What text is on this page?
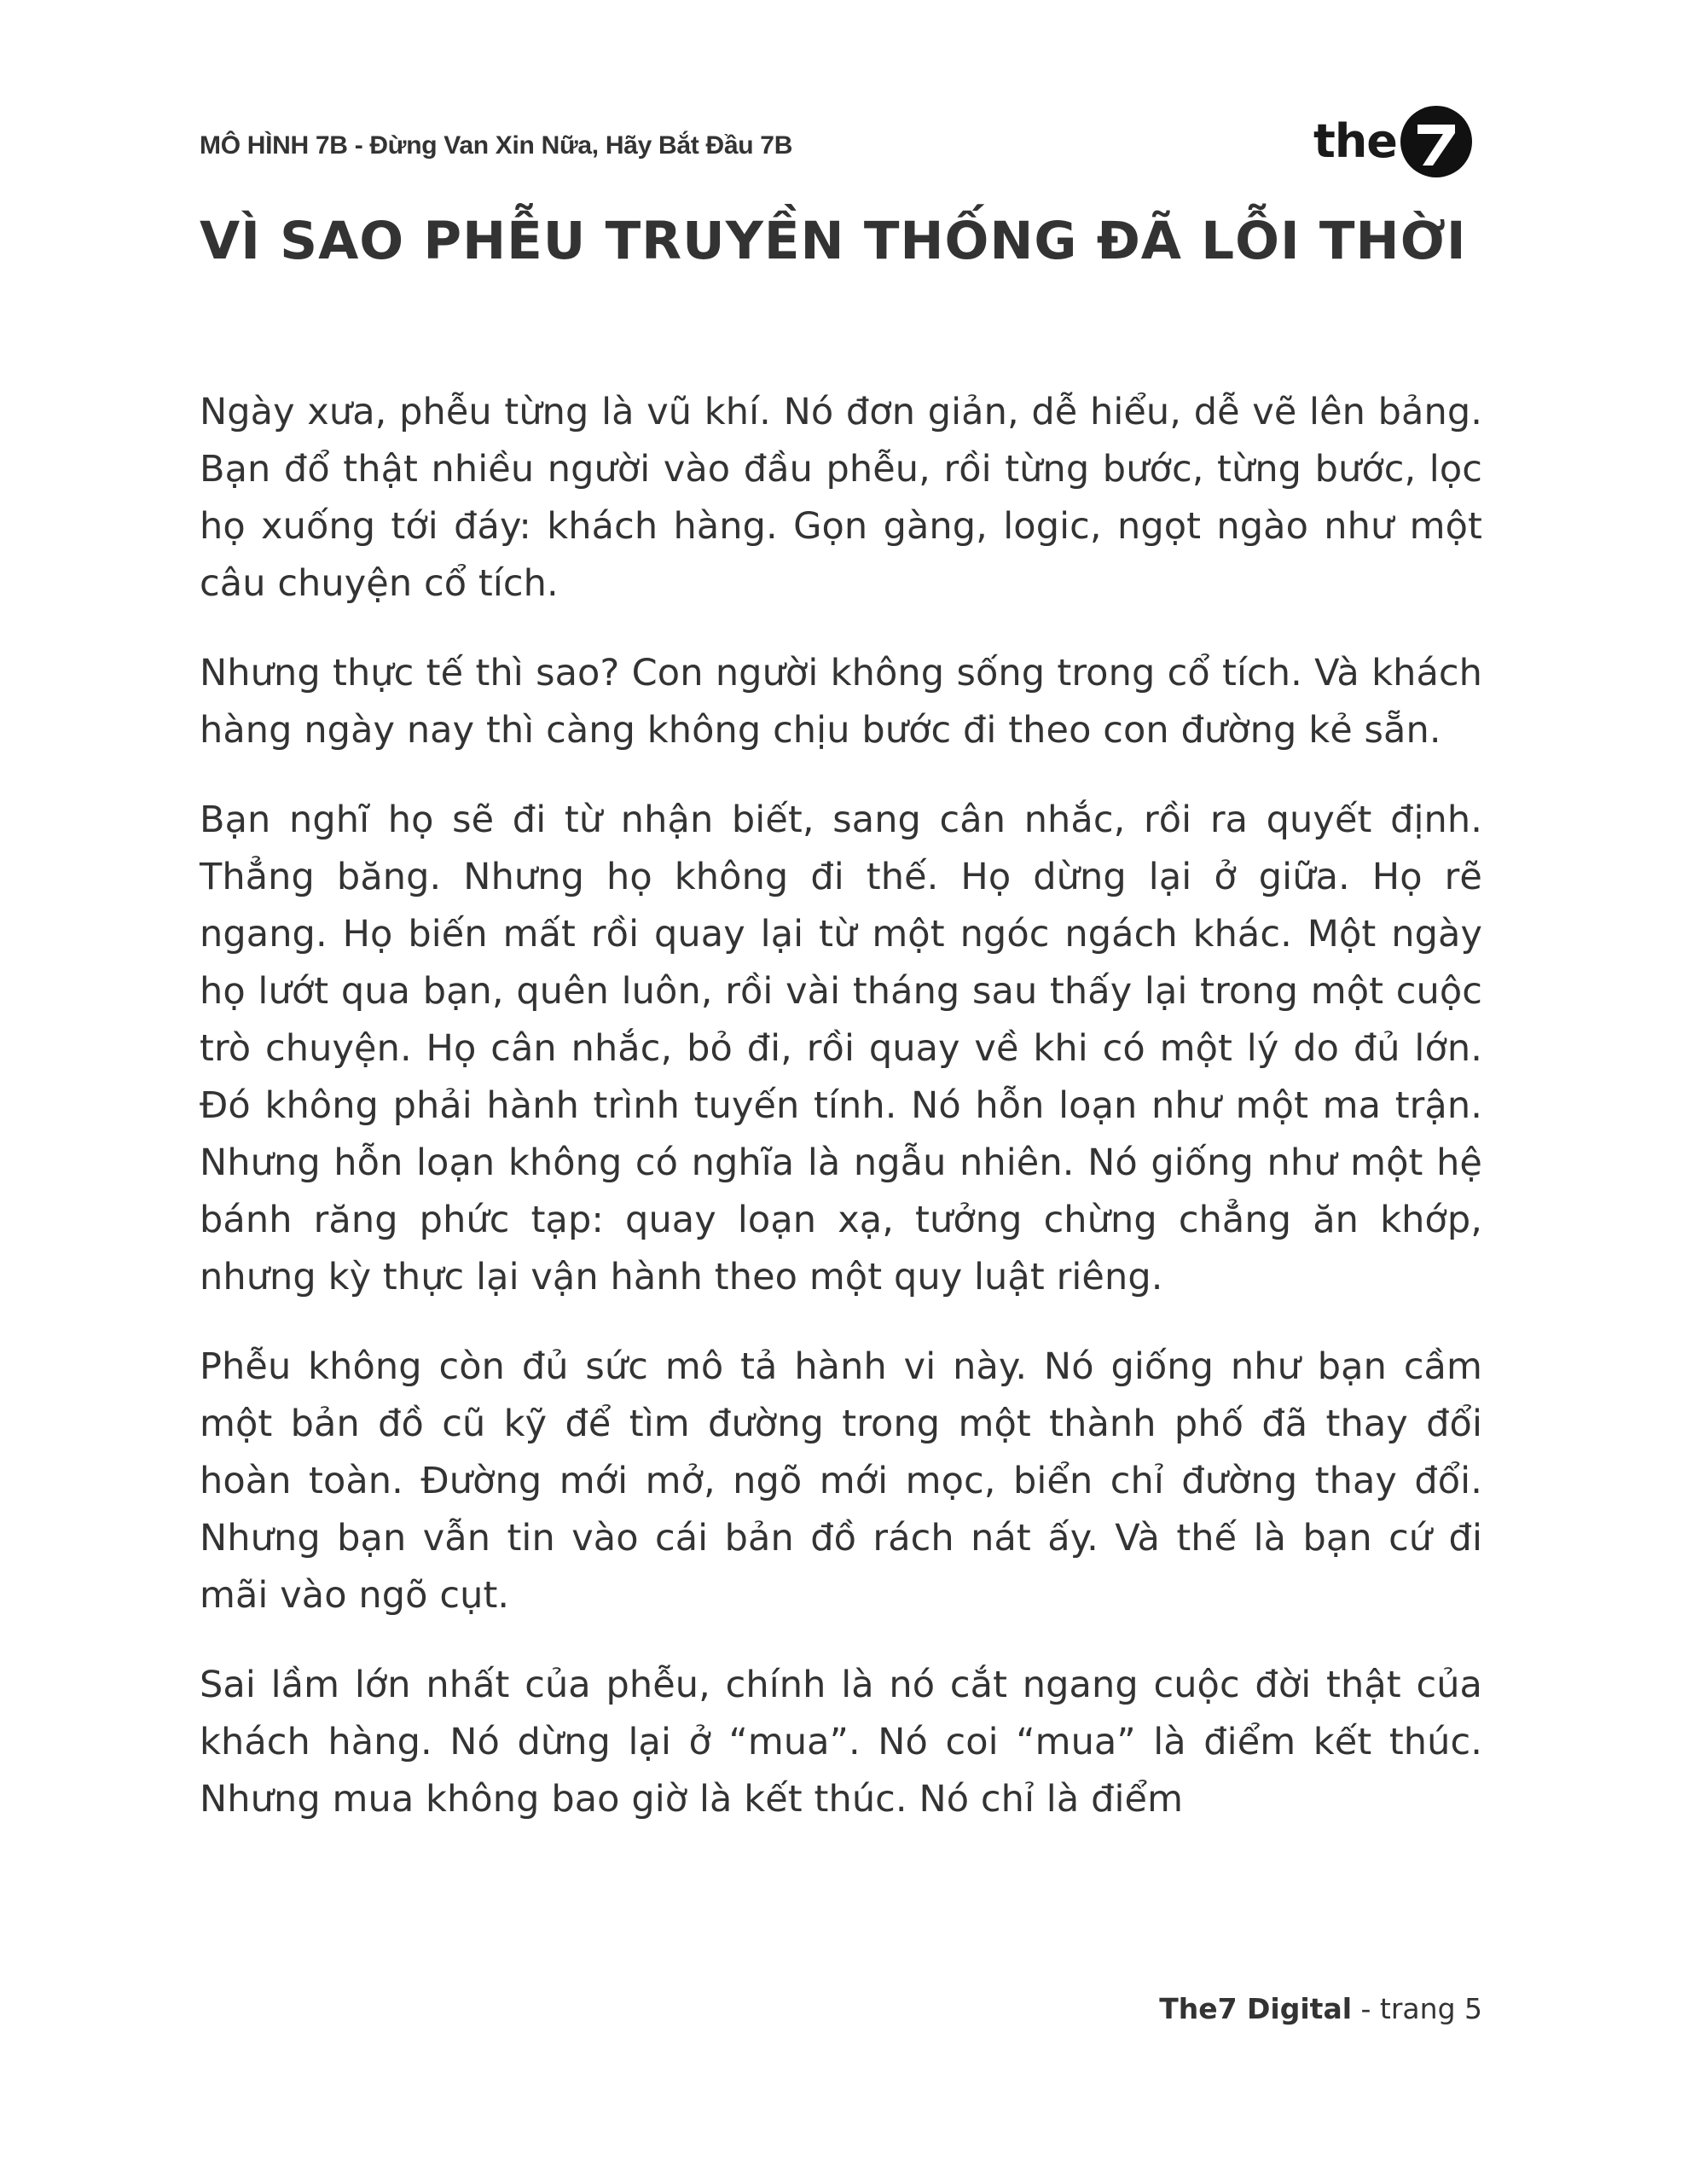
MÔ HÌNH 7B - Đừng Van Xin Nữa, Hãy Bắt Đầu 7B	the
VÌ SAO PHỄU TRUYỀN THỐNG ĐÃ LỖI THỜI

Ngày xưa, phễu từng là vũ khí. Nó đơn giản, dễ hiểu, dễ vẽ lên bảng. Bạn đổ thật nhiều người vào đầu phễu, rồi từng bước, từng bước, lọc họ xuống tới đáy: khách hàng. Gọn gàng, logic, ngọt ngào như một câu chuyện cổ tích.

Nhưng thực tế thì sao? Con người không sống trong cổ tích. Và khách hàng ngày nay thì càng không chịu bước đi theo con đường kẻ sẵn.

Bạn nghĩ họ sẽ đi từ nhận biết, sang cân nhắc, rồi ra quyết định. Thẳng băng. Nhưng họ không đi thế. Họ dừng lại ở giữa. Họ rẽ ngang. Họ biến mất rồi quay lại từ một ngóc ngách khác. Một ngày họ lướt qua bạn, quên luôn, rồi vài tháng sau thấy lại trong một cuộc trò chuyện. Họ cân nhắc, bỏ đi, rồi quay về khi có một lý do đủ lớn. Đó không phải hành trình tuyến tính. Nó hỗn loạn như một ma trận. Nhưng hỗn loạn không có nghĩa là ngẫu nhiên. Nó giống như một hệ bánh răng phức tạp: quay loạn xạ, tưởng chừng chẳng ăn khớp, nhưng kỳ thực lại vận hành theo một quy luật riêng.

Phễu không còn đủ sức mô tả hành vi này. Nó giống như bạn cầm một bản đồ cũ kỹ để tìm đường trong một thành phố đã thay đổi hoàn toàn. Đường mới mở, ngõ mới mọc, biển chỉ đường thay đổi. Nhưng bạn vẫn tin vào cái bản đồ rách nát ấy. Và thế là bạn cứ đi mãi vào ngõ cụt.

Sai lầm lớn nhất của phễu, chính là nó cắt ngang cuộc đời thật của khách hàng. Nó dừng lại ở “mua”. Nó coi “mua” là điểm kết thúc. Nhưng mua không bao giờ là kết thúc. Nó chỉ là điểm

The7 Digital - trang 5
